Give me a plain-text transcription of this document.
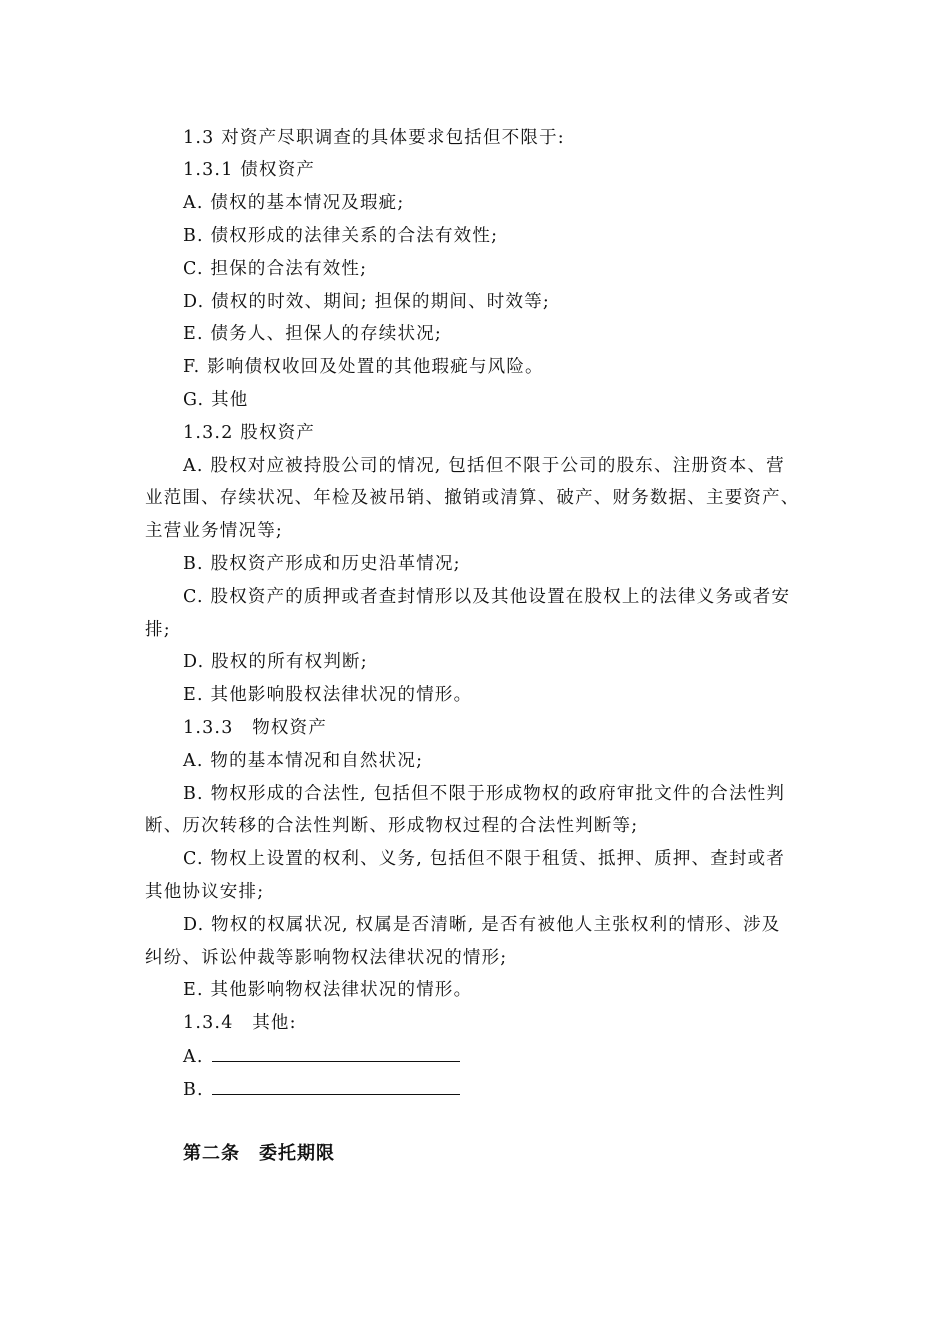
1.3 对资产尽职调查的具体要求包括但不限于:
1.3.1 债权资产
A. 债权的基本情况及瑕疵;
B. 债权形成的法律关系的合法有效性;
C. 担保的合法有效性;
D. 债权的时效、期间; 担保的期间、时效等;
E. 债务人、担保人的存续状况;
F. 影响债权收回及处置的其他瑕疵与风险。
G. 其他
1.3.2 股权资产
A. 股权对应被持股公司的情况, 包括但不限于公司的股东、注册资本、营
业范围、存续状况、年检及被吊销、撤销或清算、破产、财务数据、主要资产、
主营业务情况等;
B. 股权资产形成和历史沿革情况;
C. 股权资产的质押或者查封情形以及其他设置在股权上的法律义务或者安
排;
D. 股权的所有权判断;
E. 其他影响股权法律状况的情形。
1.3.3　物权资产
A. 物的基本情况和自然状况;
B. 物权形成的合法性, 包括但不限于形成物权的政府审批文件的合法性判
断、历次转移的合法性判断、形成物权过程的合法性判断等;
C. 物权上设置的权利、义务, 包括但不限于租赁、抵押、质押、查封或者
其他协议安排;
D. 物权的权属状况, 权属是否清晰, 是否有被他人主张权利的情形、涉及
纠纷、诉讼仲裁等影响物权法律状况的情形;
E. 其他影响物权法律状况的情形。
1.3.4　其他:
A.
B.
第二条　委托期限
